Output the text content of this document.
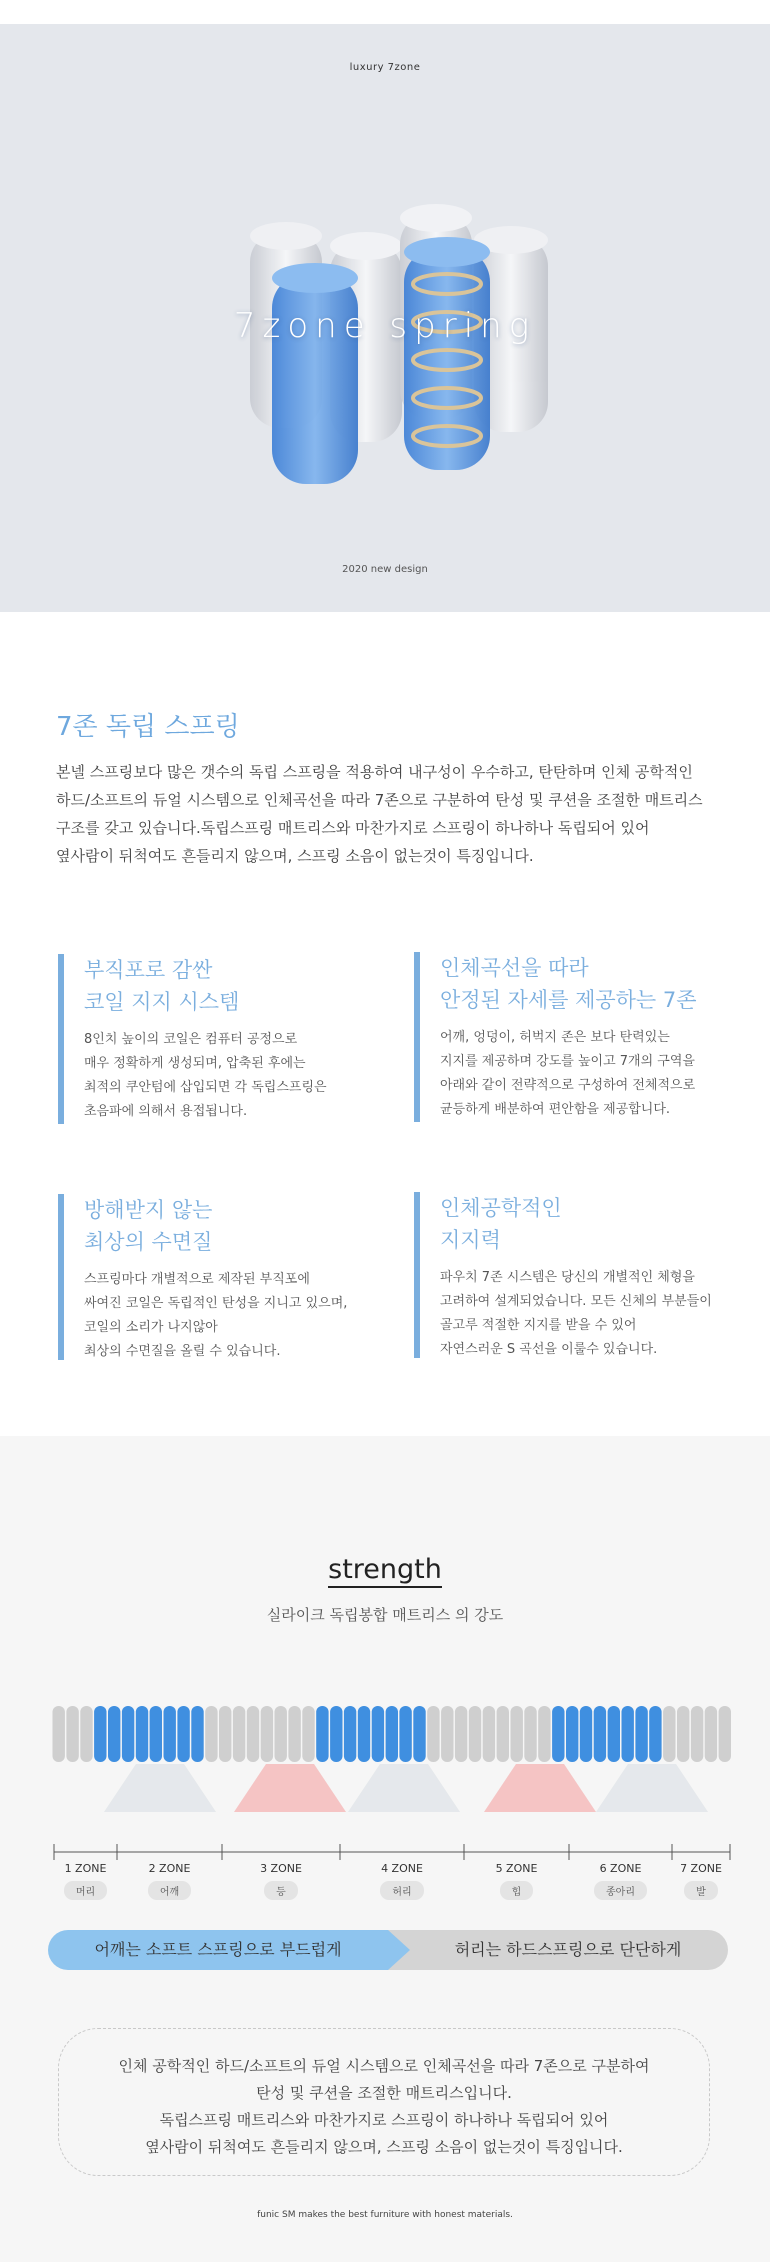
luxury 7zone
7zone spring
2020 new design
7존 독립 스프링
본넬 스프링보다 많은 갯수의 독립 스프링을 적용하여 내구성이 우수하고, 탄탄하며 인체 공학적인
하드/소프트의 듀얼 시스템으로 인체곡선을 따라 7존으로 구분하여 탄성 및 쿠션을 조절한 매트리스
구조를 갖고 있습니다.독립스프링 매트리스와 마찬가지로 스프링이 하나하나 독립되어 있어
옆사람이 뒤척여도 흔들리지 않으며, 스프링 소음이 없는것이 특징입니다.
부직포로 감싼
코일 지지 시스템

8인치 높이의 코일은 컴퓨터 공정으로
매우 정확하게 생성되며, 압축된 후에는
최적의 쿠안텀에 삽입되면 각 독립스프링은
초음파에 의해서 용접됩니다.

인체곡선을 따라
안정된 자세를 제공하는 7존

어깨, 엉덩이, 허벅지 존은 보다 탄력있는
지지를 제공하며 강도를 높이고 7개의 구역을
아래와 같이 전략적으로 구성하여 전체적으로
균등하게 배분하여 편안함을 제공합니다.

방해받지 않는
최상의 수면질

스프링마다 개별적으로 제작된 부직포에
싸여진 코일은 독립적인 탄성을 지니고 있으며,
코일의 소리가 나지않아
최상의 수면질을 올릴 수 있습니다.

인체공학적인
지지력

파우치 7존 시스템은 당신의 개별적인 체형을
고려하여 설계되었습니다. 모든 신체의 부분들이
골고루 적절한 지지를 받을 수 있어
자연스러운 S 곡선을 이룰수 있습니다.

strength
실라이크 독립봉합 매트리스 의 강도
1 ZONE
머리
2 ZONE
어깨
3 ZONE
등
4 ZONE
허리
5 ZONE
힙
6 ZONE
종아리
7 ZONE
발
허리는 하드스프링으로 단단하게
어깨는 소프트 스프링으로 부드럽게

인체 공학적인 하드/소프트의 듀얼 시스템으로 인체곡선을 따라 7존으로 구분하여

탄성 및 쿠션을 조절한 매트리스입니다.

독립스프링 매트리스와 마찬가지로 스프링이 하나하나 독립되어 있어

옆사람이 뒤척여도 흔들리지 않으며, 스프링 소음이 없는것이 특징입니다.

funic SM makes the best furniture with honest materials.
